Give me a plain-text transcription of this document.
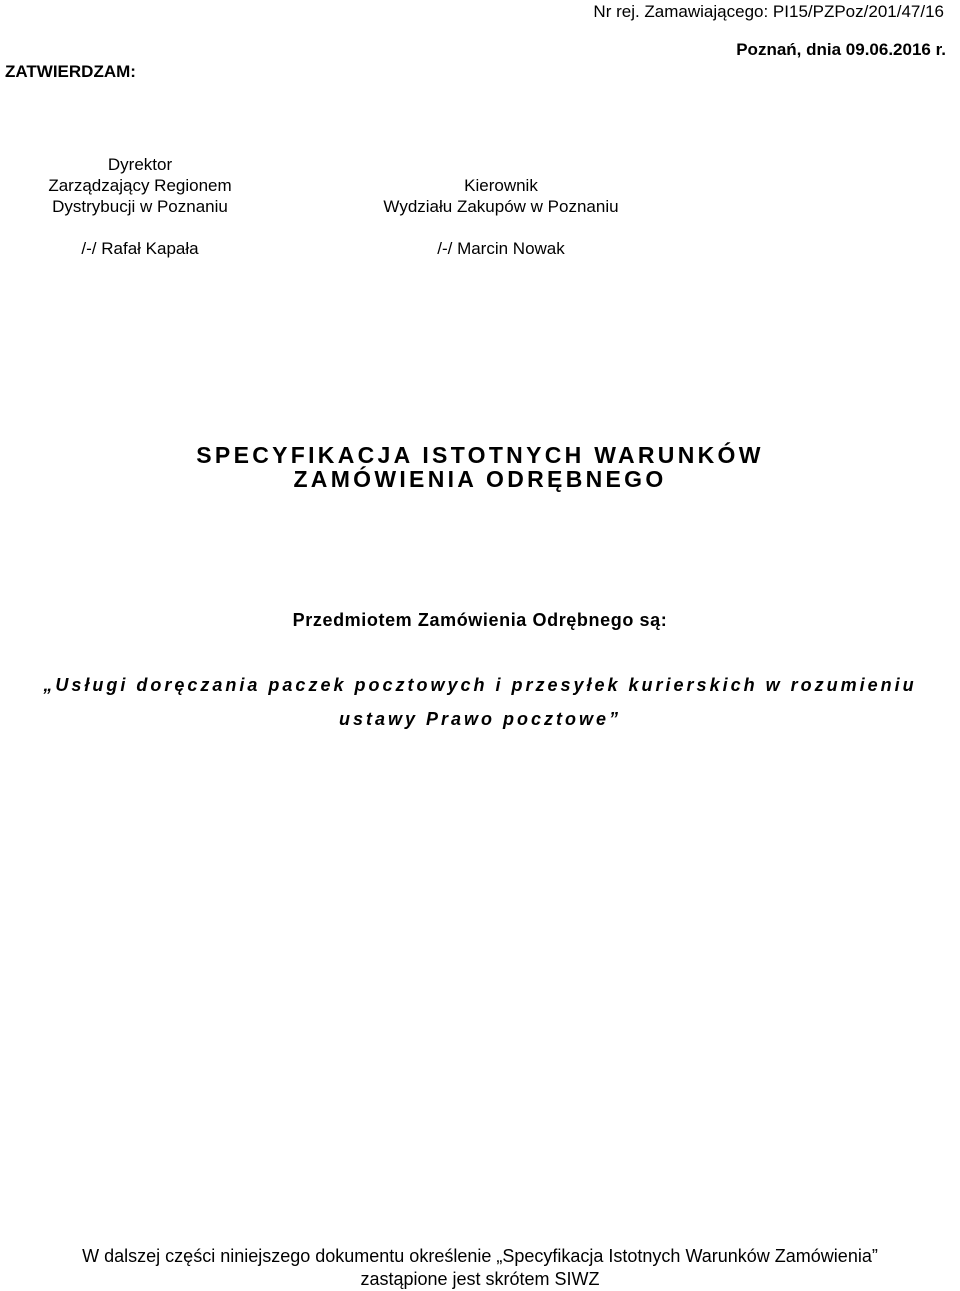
Nr rej. Zamawiającego: PI15/PZPoz/201/47/16
ZATWIERDZAM:
Poznań, dnia 09.06.2016 r.
Dyrektor
Zarządzający Regionem
Dystrybucji w Poznaniu
/-/ Rafał Kapała
Kierownik
Wydziału Zakupów w Poznaniu
/-/ Marcin Nowak
SPECYFIKACJA ISTOTNYCH WARUNKÓW
ZAMÓWIENIA ODRĘBNEGO
Przedmiotem Zamówienia Odrębnego są:
„Usługi doręczania paczek pocztowych i przesyłek kurierskich w rozumieniu ustawy Prawo pocztowe”
W dalszej części niniejszego dokumentu określenie „Specyfikacja Istotnych Warunków Zamówienia”
zastąpione jest skrótem SIWZ
